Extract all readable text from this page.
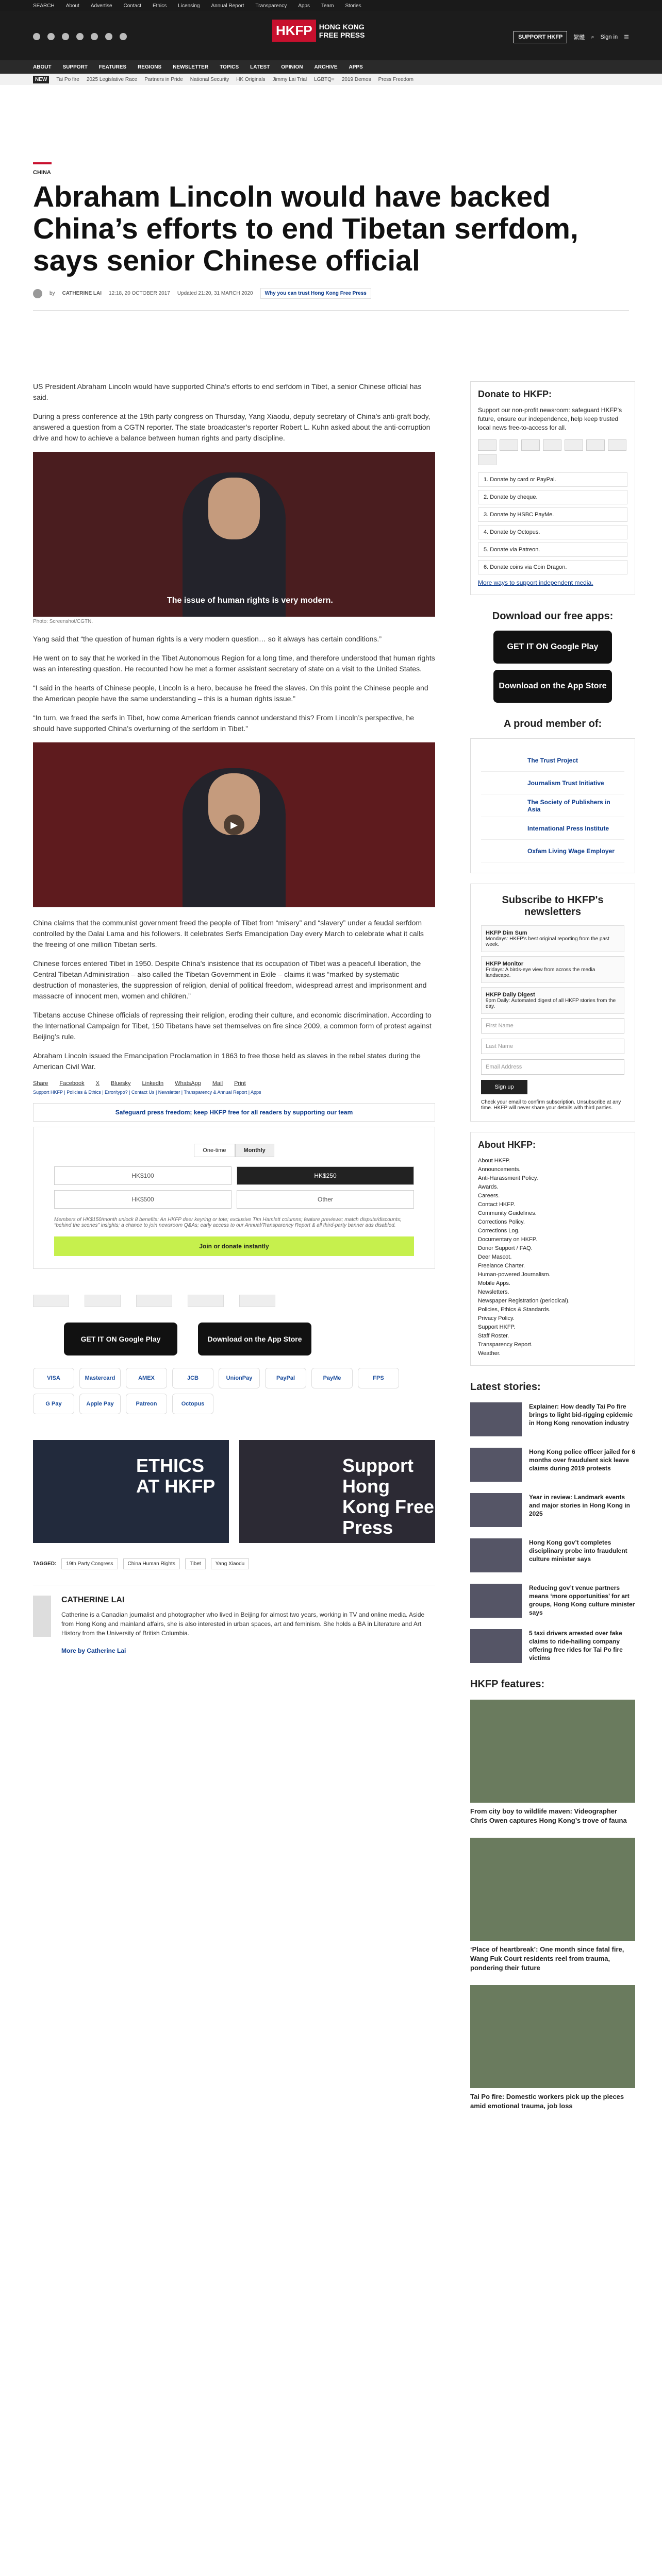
SEARCH About Advertise Contact Ethics Licensing Annual Report Transparency Apps Team Stories
HKFP HONG KONG
FREE PRESS	SUPPORT HKFP	繁體 ⌕ Sign in ☰
ABOUT SUPPORT FEATURES REGIONS NEWSLETTER TOPICS LATEST OPINION ARCHIVE APPS
NEW	Tai Po fire 2025 Legislative Race Partners in Pride National Security HK Originals Jimmy Lai Trial LGBTQ+ 2019 Demos Press Freedom
CHINA
Abraham Lincoln would have backed China’s efforts to end Tibetan serfdom, says senior Chinese official
by CATHERINE LAI 12:18, 20 OCTOBER 2017 Updated 21:20, 31 MARCH 2020	Why you can trust Hong Kong Free Press

US President Abraham Lincoln would have supported China’s efforts to end serfdom in Tibet, a senior Chinese official has said.

During a press conference at the 19th party congress on Thursday, Yang Xiaodu, deputy secretary of China’s anti-graft body, answered a question from a CGTN reporter. The state broadcaster’s reporter Robert L. Kuhn asked about the anti-corruption drive and how to achieve a balance between human rights and party discipline.

The issue of human rights is very modern.
Photo: Screenshot/CGTN.

Yang said that “the question of human rights is a very modern question… so it always has certain conditions.”

He went on to say that he worked in the Tibet Autonomous Region for a long time, and therefore understood that human rights was an interesting question. He recounted how he met a former assistant secretary of state on a visit to the United States.

“I said in the hearts of Chinese people, Lincoln is a hero, because he freed the slaves. On this point the Chinese people and the American people have the same understanding – this is a human rights issue.”

“In turn, we freed the serfs in Tibet, how come American friends cannot understand this? From Lincoln’s perspective, he should have supported China’s overturning of the serfdom in Tibet.”

▶

China claims that the communist government freed the people of Tibet from “misery” and “slavery” under a feudal serfdom controlled by the Dalai Lama and his followers. It celebrates Serfs Emancipation Day every March to celebrate what it calls the freeing of one million Tibetan serfs.

Chinese forces entered Tibet in 1950. Despite China’s insistence that its occupation of Tibet was a peaceful liberation, the Central Tibetan Administration – also called the Tibetan Government in Exile – claims it was “marked by systematic destruction of monasteries, the suppression of religion, denial of political freedom, widespread arrest and imprisonment and massacre of innocent men, women and children.”

Tibetans accuse Chinese officials of repressing their religion, eroding their culture, and economic discrimination. According to the International Campaign for Tibet, 150 Tibetans have set themselves on fire since 2009, a common form of protest against Beijing’s rule.

Abraham Lincoln issued the Emancipation Proclamation in 1863 to free those held as slaves in the rebel states during the American Civil War.

Share Facebook X Bluesky LinkedIn WhatsApp Mail Print
Support HKFP | Policies & Ethics | Error/typo? | Contact Us | Newsletter | Transparency & Annual Report | Apps
Safeguard press freedom; keep HKFP free for all readers by supporting our team
One-time	Monthly
HK$100	HK$250
HK$500	Other
Members of HK$150/month unlock 8 benefits: An HKFP deer keyring or tote; exclusive Tim Hamlett columns; feature previews; match dispute/discounts; “behind the scenes” insights; a chance to join newsroom Q&As; early access to our Annual/Transparency Report & all third-party banner ads disabled.
Join or donate instantly
GET IT ON Google Play	Download on the App Store
VISA	Mastercard	AMEX	JCB	UnionPay	PayPal	PayMe	FPS
G Pay	Apple Pay	Patreon	Octopus
ETHICS AT HKFP
Support Hong Kong Free Press
TAGGED:	19th Party Congress	China Human Rights	Tibet	Yang Xiaodu
CATHERINE LAI

Catherine is a Canadian journalist and photographer who lived in Beijing for almost two years, working in TV and online media. Aside from Hong Kong and mainland affairs, she is also interested in urban spaces, art and feminism. She holds a BA in Literature and Art History from the University of British Columbia.

More by Catherine Lai

Donate to HKFP:

Support our non-profit newsroom: safeguard HKFP's future, ensure our independence, help keep trusted local news free-to-access for all.

1. Donate by card or PayPal.
2. Donate by cheque.
3. Donate by HSBC PayMe.
4. Donate by Octopus.
5. Donate via Patreon.
6. Donate coins via Coin Dragon.

More ways to support independent media.

Download our free apps:
GET IT ON Google Play
Download on the App Store
A proud member of:
The Trust Project
Journalism Trust Initiative
The Society of Publishers in Asia
International Press Institute
Oxfam Living Wage Employer
Subscribe to HKFP's newsletters
HKFP Dim Sum
Mondays: HKFP's best original reporting from the past week.
HKFP Monitor
Fridays: A birds-eye view from across the media landscape.
HKFP Daily Digest
9pm Daily: Automated digest of all HKFP stories from the day.
First Name
Last Name
Email Address
Sign up

Check your email to confirm subscription. Unsubscribe at any time. HKFP will never share your details with third parties.

About HKFP:
About HKFP.
Announcements.
Anti-Harassment Policy.
Awards.
Careers.
Contact HKFP.
Community Guidelines.
Corrections Policy.
Corrections Log.
Documentary on HKFP.
Donor Support / FAQ.
Deer Mascot.
Freelance Charter.
Human-powered Journalism.
Mobile Apps.
Newsletters.
Newspaper Registration (periodical).
Policies, Ethics & Standards.
Privacy Policy.
Support HKFP.
Staff Roster.
Transparency Report.
Weather.
Latest stories:

Explainer: How deadly Tai Po fire brings to light bid-rigging epidemic in Hong Kong renovation industry

Hong Kong police officer jailed for 6 months over fraudulent sick leave claims during 2019 protests

Year in review: Landmark events and major stories in Hong Kong in 2025

Hong Kong gov’t completes disciplinary probe into fraudulent culture minister says

Reducing gov’t venue partners means ‘more opportunities’ for art groups, Hong Kong culture minister says

5 taxi drivers arrested over fake claims to ride-hailing company offering free rides for Tai Po fire victims

HKFP features:

From city boy to wildlife maven: Videographer Chris Owen captures Hong Kong’s trove of fauna

‘Place of heartbreak’: One month since fatal fire, Wang Fuk Court residents reel from trauma, pondering their future

Tai Po fire: Domestic workers pick up the pieces amid emotional trauma, job loss
